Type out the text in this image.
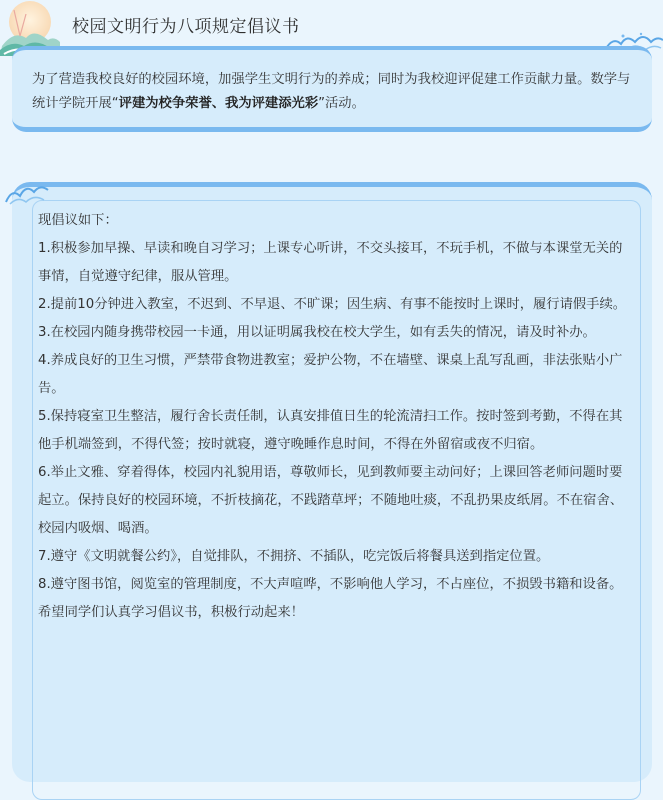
校园文明行为八项规定倡议书
为了营造我校良好的校园环境，加强学生文明行为的养成；同时为我校迎评促建工作贡献力量。数学与统计学院开展“评建为校争荣誉、我为评建添光彩”活动。

现倡议如下：

1.积极参加早操、早读和晚自习学习；上课专心听讲，不交头接耳，不玩手机，不做与本课堂无关的事情，自觉遵守纪律，服从管理。

2.提前10分钟进入教室，不迟到、不早退、不旷课；因生病、有事不能按时上课时，履行请假手续。

3.在校园内随身携带校园一卡通，用以证明属我校在校大学生，如有丢失的情况，请及时补办。

4.养成良好的卫生习惯，严禁带食物进教室；爱护公物，不在墙壁、课桌上乱写乱画，非法张贴小广告。

5.保持寝室卫生整洁，履行舍长责任制，认真安排值日生的轮流清扫工作。按时签到考勤，不得在其他手机端签到，不得代签；按时就寝，遵守晚睡作息时间，不得在外留宿或夜不归宿。

6.举止文雅、穿着得体，校园内礼貌用语，尊敬师长，见到教师要主动问好；上课回答老师问题时要起立。保持良好的校园环境，不折枝摘花，不践踏草坪；不随地吐痰，不乱扔果皮纸屑。不在宿舍、校园内吸烟、喝酒。

7.遵守《文明就餐公约》，自觉排队，不拥挤、不插队，吃完饭后将餐具送到指定位置。

8.遵守图书馆，阅览室的管理制度，不大声喧哗，不影响他人学习，不占座位，不损毁书籍和设备。

希望同学们认真学习倡议书，积极行动起来！
